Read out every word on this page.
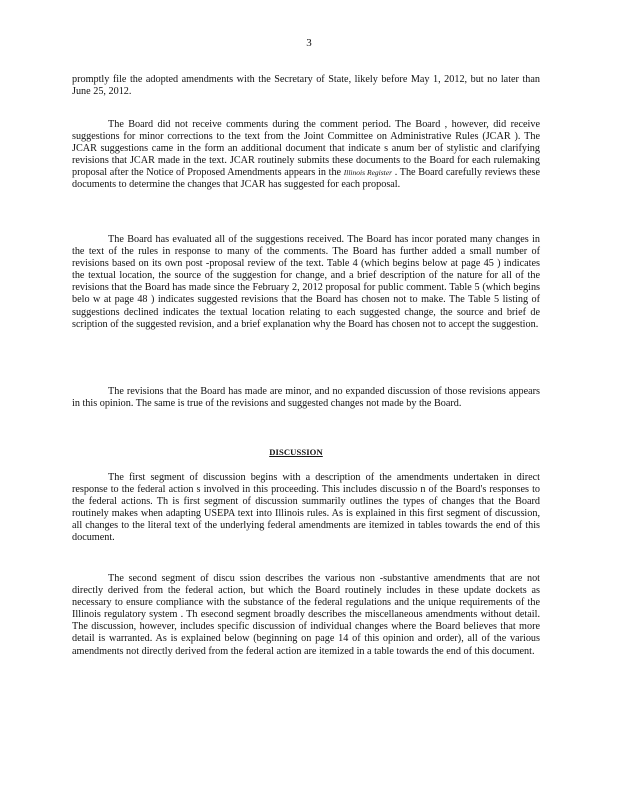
3

promptly file the adopted amendments with the Secretary of State, likely before May 1, 2012, but no later than June 25, 2012.

The Board did not receive comments during the comment period. The Board , however, did receive suggestions for minor corrections to the text from the Joint Committee on Administrative Rules (JCAR ). The JCAR suggestions came in the form an additional document that indicate s anum ber of stylistic and clarifying revisions that JCAR made in the text. JCAR routinely submits these documents to the Board for each rulemaking proposal after the Notice of Proposed Amendments appears in the Illinois Register . The Board carefully reviews these documents to determine the changes that JCAR has suggested for each proposal.

The Board has evaluated all of the suggestions received. The Board has incor porated many changes in the text of the rules in response to many of the comments. The Board has further added a small number of revisions based on its own post -proposal review of the text. Table 4 (which begins below at page 45 ) indicates the textual location, the source of the suggestion for change, and a brief description of the nature for all of the revisions that the Board has made since the February 2, 2012 proposal for public comment. Table 5 (which begins belo w at page 48 ) indicates suggested revisions that the Board has chosen not to make. The Table 5 listing of suggestions declined indicates the textual location relating to each suggested change, the source and brief de scription of the suggested revision, and a brief explanation why the Board has chosen not to accept the suggestion.

The revisions that the Board has made are minor, and no expanded discussion of those revisions appears in this opinion. The same is true of the revisions and suggested changes not made by the Board.

DISCUSSION

The first segment of discussion begins with a description of the amendments undertaken in direct response to the federal action s involved in this proceeding. This includes discussio n of the Board's responses to the federal actions. Th is first segment of discussion summarily outlines the types of changes that the Board routinely makes when adapting USEPA text into Illinois rules. As is explained in this first segment of discussion, all changes to the literal text of the underlying federal amendments are itemized in tables towards the end of this document.

The second segment of discu ssion describes the various non -substantive amendments that are not directly derived from the federal action, but which the Board routinely includes in these update dockets as necessary to ensure compliance with the substance of the federal regulations and the unique requirements of the Illinois regulatory system . Th esecond segment broadly describes the miscellaneous amendments without detail. The discussion, however, includes specific discussion of individual changes where the Board believes that more detail is warranted. As is explained below (beginning on page 14 of this opinion and order), all of the various amendments not directly derived from the federal action are itemized in a table towards the end of this document.
